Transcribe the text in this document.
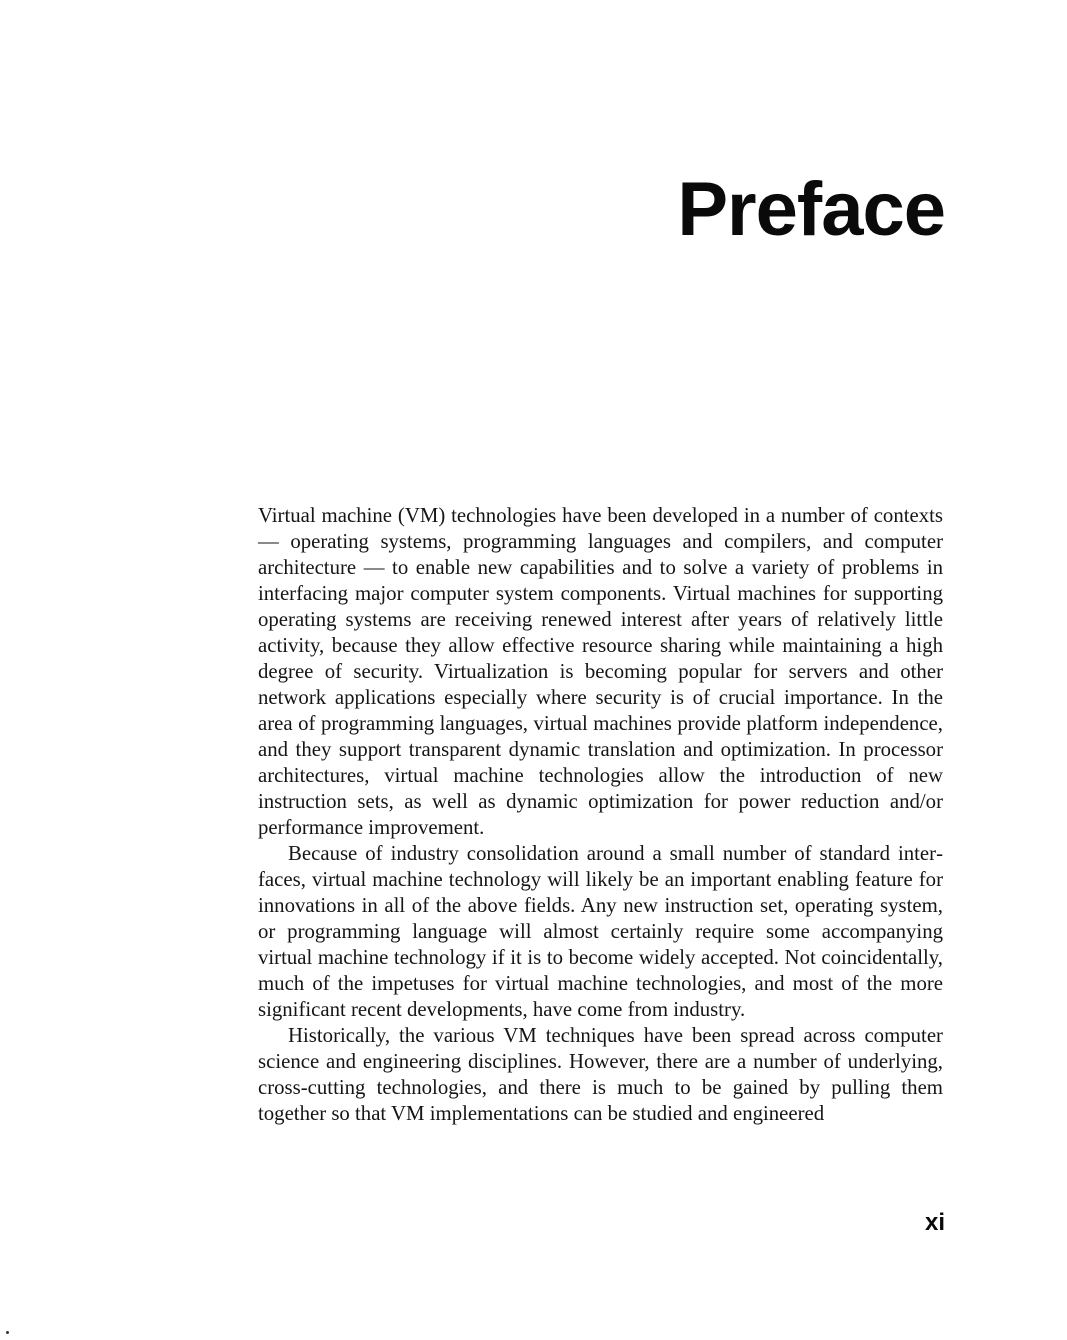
Preface

Virtual machine (VM) technologies have been developed in a number of contexts — operating systems, programming languages and compilers, and computer architecture — to enable new capabilities and to solve a variety of problems in interfacing major computer system components. Virtual machines for supporting operating systems are receiving renewed interest after years of relatively little activity, because they allow effective resource sharing while maintaining a high degree of security. Virtualization is becoming popular for servers and other network applications especially where security is of crucial importance. In the area of programming languages, virtual machines provide platform independence, and they support transparent dynamic translation and optimization. In processor architectures, virtual machine technologies allow the introduction of new instruction sets, as well as dynamic optimization for power reduction and/or performance improvement.

Because of industry consolidation around a small number of standard interfaces, virtual machine technology will likely be an important enabling feature for innovations in all of the above fields. Any new instruction set, operating system, or programming language will almost certainly require some accompanying virtual machine technology if it is to become widely accepted. Not coincidentally, much of the impetuses for virtual machine technologies, and most of the more significant recent developments, have come from industry.

Historically, the various VM techniques have been spread across computer science and engineering disciplines. However, there are a number of underlying, cross-cutting technologies, and there is much to be gained by pulling them together so that VM implementations can be studied and engineered

xi
